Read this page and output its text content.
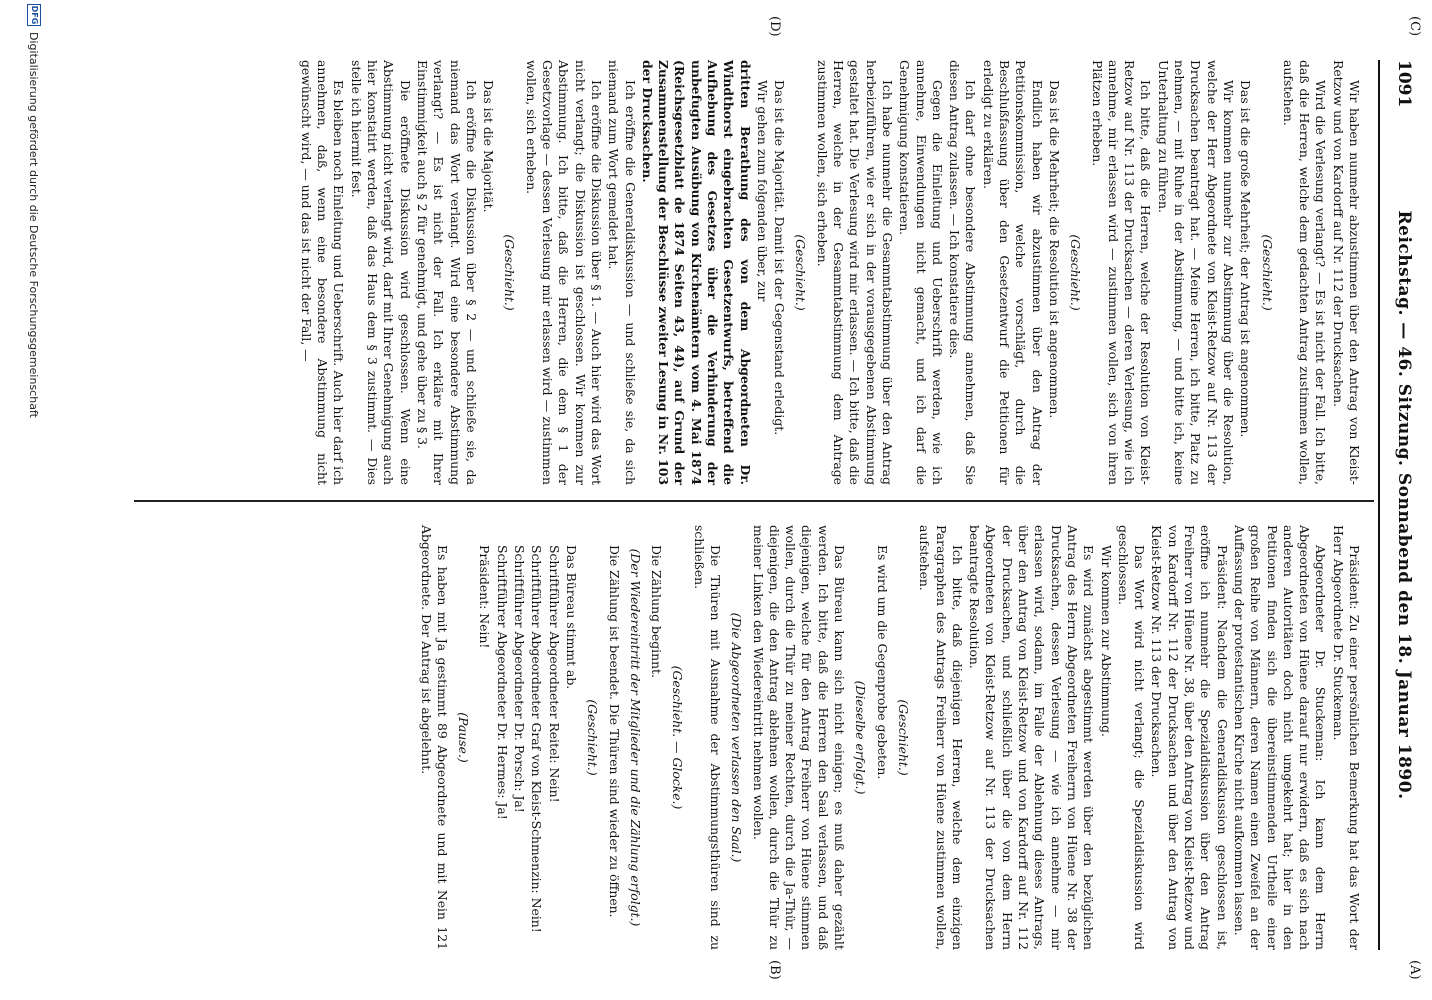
1091
Reichstag. — 46. Sitzung. Sonnabend den 18. Januar 1890.
(C)
(D)
(A)
(B)

Wir haben nunmehr abzustimmen über den Antrag von Kleist-Retzow und von Kardorff auf Nr. 112 der Drucksachen.

Wird die Verlesung verlangt? — Es ist nicht der Fall. Ich bitte, daß die Herren, welche dem gedachten Antrag zustimmen wollen, aufstehen.

(Geschieht.)

Das ist die große Mehrheit; der Antrag ist angenommen.

Wir kommen nunmehr zur Abstimmung über die Resolution, welche der Herr Abgeordnete von Kleist-Retzow auf Nr. 113 der Drucksachen beantragt hat. — Meine Herren, ich bitte, Platz zu nehmen, — mit Ruhe in der Abstimmung, — und bitte ich, keine Unterhaltung zu führen.

Ich bitte, daß die Herren, welche der Resolution von Kleist-Retzow auf Nr. 113 der Drucksachen — deren Verlesung, wie ich annehme, mir erlassen wird — zustimmen wollen, sich von ihren Plätzen erheben.

(Geschieht.)

Das ist die Mehrheit; die Resolution ist angenommen.

Endlich haben wir abzustimmen über den Antrag der Petitionskommission, welche vorschlägt, durch die Beschlußfassung über den Gesetzentwurf die Petitionen für erledigt zu erklären.

Ich darf ohne besondere Abstimmung annehmen, daß Sie diesen Antrag zulassen. — Ich konstatiere dies.

Gegen die Einleitung und Ueberschrift werden, wie ich annehme, Einwendungen nicht gemacht, und ich darf die Genehmigung konstatieren.

Ich habe nunmehr die Gesammtabstimmung über den Antrag herbeizuführen, wie er sich in der vorausgegebenen Abstimmung gestaltet hat. Die Verlesung wird mir erlassen. — Ich bitte, daß die Herren, welche in der Gesammtabstimmung dem Antrage zustimmen wollen, sich erheben.

(Geschieht.)

Das ist die Majorität. Damit ist der Gegenstand erledigt.

Wir gehen zum folgenden über, zur

dritten Berathung des von dem Abgeordneten Dr. Windthorst eingebrachten Gesetzentwurfs, betreffend die Aufhebung des Gesetzes über die Verhinderung der unbefugten Ausübung von Kirchenämtern vom 4. Mai 1874 (Reichsgesetzblatt de 1874 Seiten 43, 44), auf Grund der Zusammenstellung der Beschlüsse zweiter Lesung in Nr. 103 der Drucksachen.

Ich eröffne die Generaldiskussion — und schließe sie, da sich niemand zum Wort gemeldet hat.

Ich eröffne die Diskussion über § 1. — Auch hier wird das Wort nicht verlangt; die Diskussion ist geschlossen. Wir kommen zur Abstimmung. Ich bitte, daß die Herren, die dem § 1 der Gesetzvorlage — dessen Verlesung mir erlassen wird — zustimmen wollen, sich erheben.

(Geschieht.)

Das ist die Majorität.

Ich eröffne die Diskussion über § 2 — und schließe sie, da niemand das Wort verlangt. Wird eine besondere Abstimmung verlangt? — Es ist nicht der Fall. Ich erkläre mit Ihrer Einstimmigkeit auch § 2 für genehmigt, und gehe über zu § 3.

Die eröffnete Diskussion wird geschlossen. Wenn eine Abstimmung nicht verlangt wird, darf mit Ihrer Genehmigung auch hier konstatirt werden, daß das Haus dem § 3 zustimmt. — Dies stelle ich hiermit fest.

Es bleiben noch Einleitung und Ueberschrift. Auch hier darf ich annehmen, daß, wenn eine besondere Abstimmung nicht gewünscht wird, — und das ist nicht der Fall, —

Präsident: Zu einer persönlichen Bemerkung hat das Wort der Herr Abgeordnete Dr. Stuckeman.

Abgeordneter Dr. Stuckeman: Ich kann dem Herrn Abgeordneten von Hüene darauf nur erwidern, daß es sich nach anderen Autoritäten doch nicht umgekehrt hat; hier in den Petitionen finden sich die übereinstimmenden Urtheile einer großen Reihe von Männern, deren Namen einen Zweifel an der Auffassung der protestantischen Kirche nicht aufkommen lassen.

Präsident: Nachdem die Generaldiskussion geschlossen ist, eröffne ich nunmehr die Spezialdiskussion über den Antrag Freiherr von Hüene Nr. 38, über den Antrag von Kleist-Retzow und von Kardorff Nr. 112 der Drucksachen und über den Antrag von Kleist-Retzow Nr. 113 der Drucksachen.

Das Wort wird nicht verlangt; die Spezialdiskussion wird geschlossen.

Wir kommen zur Abstimmung.

Es wird zunächst abgestimmt werden über den bezüglichen Antrag des Herrn Abgeordneten Freiherrn von Hüene Nr. 38 der Drucksachen, dessen Verlesung — wie ich annehme — mir erlassen wird, sodann, im Falle der Ablehnung dieses Antrags, über den Antrag von Kleist-Retzow und von Kardorff auf Nr. 112 der Drucksachen, und schließlich über die von dem Herrn Abgeordneten von Kleist-Retzow auf Nr. 113 der Drucksachen beantragte Resolution.

Ich bitte, daß diejenigen Herren, welche dem einzigen Paragraphen des Antrags Freiherr von Hüene zustimmen wollen, aufstehen.

(Geschieht.)

Es wird um die Gegenprobe gebeten.

(Dieselbe erfolgt.)

Das Büreau kann sich nicht einigen; es muß daher gezählt werden. Ich bitte, daß die Herren den Saal verlassen, und daß diejenigen, welche für den Antrag Freiherr von Hüene stimmen wollen, durch die Thür zu meiner Rechten, durch die Ja-Thür, — diejenigen, die den Antrag ablehnen wollen, durch die Thür zu meiner Linken den Wiedereintritt nehmen wollen.

(Die Abgeordneten verlassen den Saal.)

Die Thüren mit Ausnahme der Abstimmungsthüren sind zu schließen.

(Geschieht. — Glocke.)

Die Zählung beginnt.

(Der Wiedereintritt der Mitglieder und die Zählung erfolgt.)

Die Zählung ist beendet. Die Thüren sind wieder zu öffnen.

(Geschieht.)

Das Büreau stimmt ab.

Schriftführer Abgeordneter Reitel: Nein!

Schriftführer Abgeordneter Graf von Kleist-Schmenzin: Nein!

Schriftführer Abgeordneter Dr. Porsch: Ja!

Schriftführer Abgeordneter Dr. Hermes: Ja!

Präsident: Nein!

(Pause.)

Es haben mit Ja gestimmt 89 Abgeordnete und mit Nein 121 Abgeordnete. Der Antrag ist abgelehnt.

DFG
Digitalisierung gefördert durch die Deutsche Forschungsgemeinschaft
